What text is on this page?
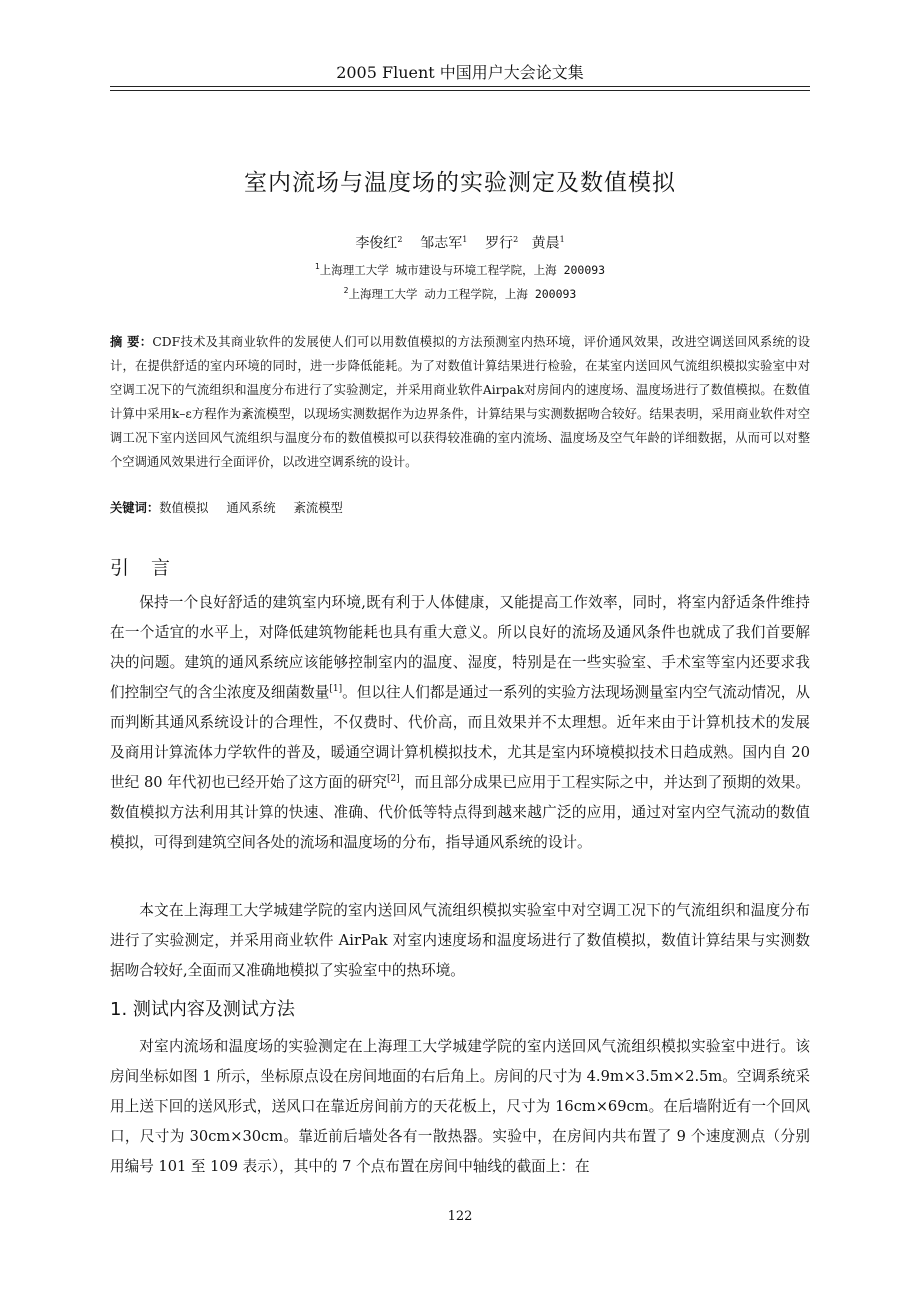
2005 Fluent 中国用户大会论文集
室内流场与温度场的实验测定及数值模拟
李俊红$^2$ 邹志军$^1$ 罗行$^2$ 黄晨$^1$
$^1$上海理工大学 城市建设与环境工程学院，上海 200093
$^2$上海理工大学 动力工程学院，上海 200093
摘 要：CDF技术及其商业软件的发展使人们可以用数值模拟的方法预测室内热环境，评价通风效果，改进空调送回风系统的设计，在提供舒适的室内环境的同时，进一步降低能耗。为了对数值计算结果进行检验，在某室内送回风气流组织模拟实验室中对空调工况下的气流组织和温度分布进行了实验测定，并采用商业软件Airpak对房间内的速度场、温度场进行了数值模拟。在数值计算中采用k–ε方程作为紊流模型，以现场实测数据作为边界条件，计算结果与实测数据吻合较好。结果表明，采用商业软件对空调工况下室内送回风气流组织与温度分布的数值模拟可以获得较准确的室内流场、温度场及空气年龄的详细数据，从而可以对整个空调通风效果进行全面评价，以改进空调系统的设计。
关键词：数值模拟 通风系统 紊流模型
引 言

保持一个良好舒适的建筑室内环境,既有利于人体健康，又能提高工作效率，同时，将室内舒适条件维持在一个适宜的水平上，对降低建筑物能耗也具有重大意义。所以良好的流场及通风条件也就成了我们首要解决的问题。建筑的通风系统应该能够控制室内的温度、湿度，特别是在一些实验室、手术室等室内还要求我们控制空气的含尘浓度及细菌数量[1]。但以往人们都是通过一系列的实验方法现场测量室内空气流动情况，从而判断其通风系统设计的合理性，不仅费时、代价高，而且效果并不太理想。近年来由于计算机技术的发展及商用计算流体力学软件的普及，暖通空调计算机模拟技术，尤其是室内环境模拟技术日趋成熟。国内自 20 世纪 80 年代初也已经开始了这方面的研究[2]，而且部分成果已应用于工程实际之中，并达到了预期的效果。数值模拟方法利用其计算的快速、准确、代价低等特点得到越来越广泛的应用，通过对室内空气流动的数值模拟，可得到建筑空间各处的流场和温度场的分布，指导通风系统的设计。

本文在上海理工大学城建学院的室内送回风气流组织模拟实验室中对空调工况下的气流组织和温度分布进行了实验测定，并采用商业软件 AirPak 对室内速度场和温度场进行了数值模拟，数值计算结果与实测数据吻合较好,全面而又准确地模拟了实验室中的热环境。

1. 测试内容及测试方法

对室内流场和温度场的实验测定在上海理工大学城建学院的室内送回风气流组织模拟实验室中进行。该房间坐标如图 1 所示，坐标原点设在房间地面的右后角上。房间的尺寸为 4.9m×3.5m×2.5m。空调系统采用上送下回的送风形式，送风口在靠近房间前方的天花板上，尺寸为 16cm×69cm。在后墙附近有一个回风口，尺寸为 30cm×30cm。靠近前后墙处各有一散热器。实验中，在房间内共布置了 9 个速度测点（分别用编号 101 至 109 表示），其中的 7 个点布置在房间中轴线的截面上：在

122
